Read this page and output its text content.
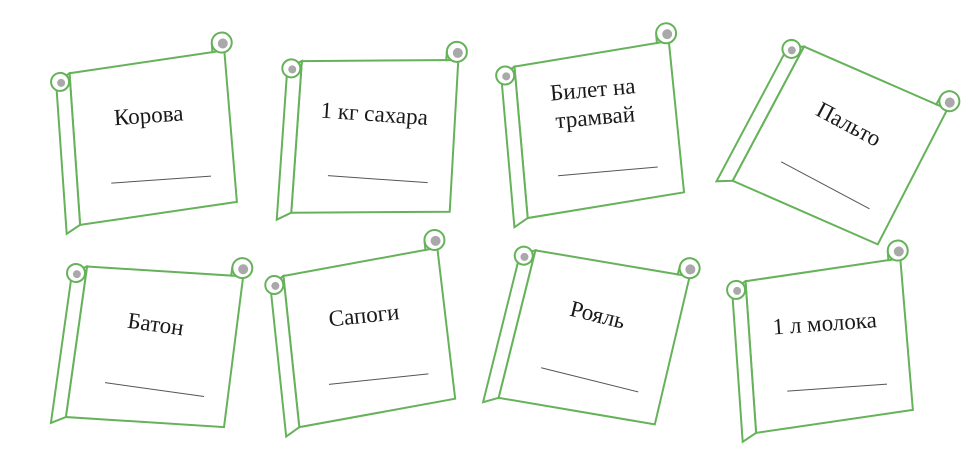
Корова	1 кг сахара
Билет на
трамвай	Пальто
Батон	Сапоги	Рояль	1 л молока
